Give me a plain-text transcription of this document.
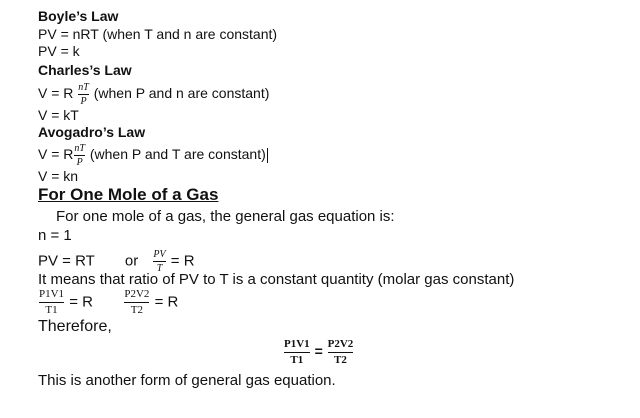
Boyle’s Law
PV = nRT (when T and n are constant)
PV = k
Charles’s Law
V = R $\frac{nT}{P}$ (when P and n are constant)
V = kT
Avogadro’s Law
V = R $\frac{nT}{P}$ (when P and T are constant)
V = kn
For One Mole of a Gas
For one mole of a gas, the general gas equation is:
n = 1
PV = RT or $\frac{PV}{T} = R$
It means that ratio of PV to T is a constant quantity (molar gas constant)
$\frac{P1V1}{T1} = R$	$\frac{P2V2}{T2} = R$
Therefore,
$\frac{P1V1}{T1} = \frac{P2V2}{T2}$
This is another form of general gas equation.
